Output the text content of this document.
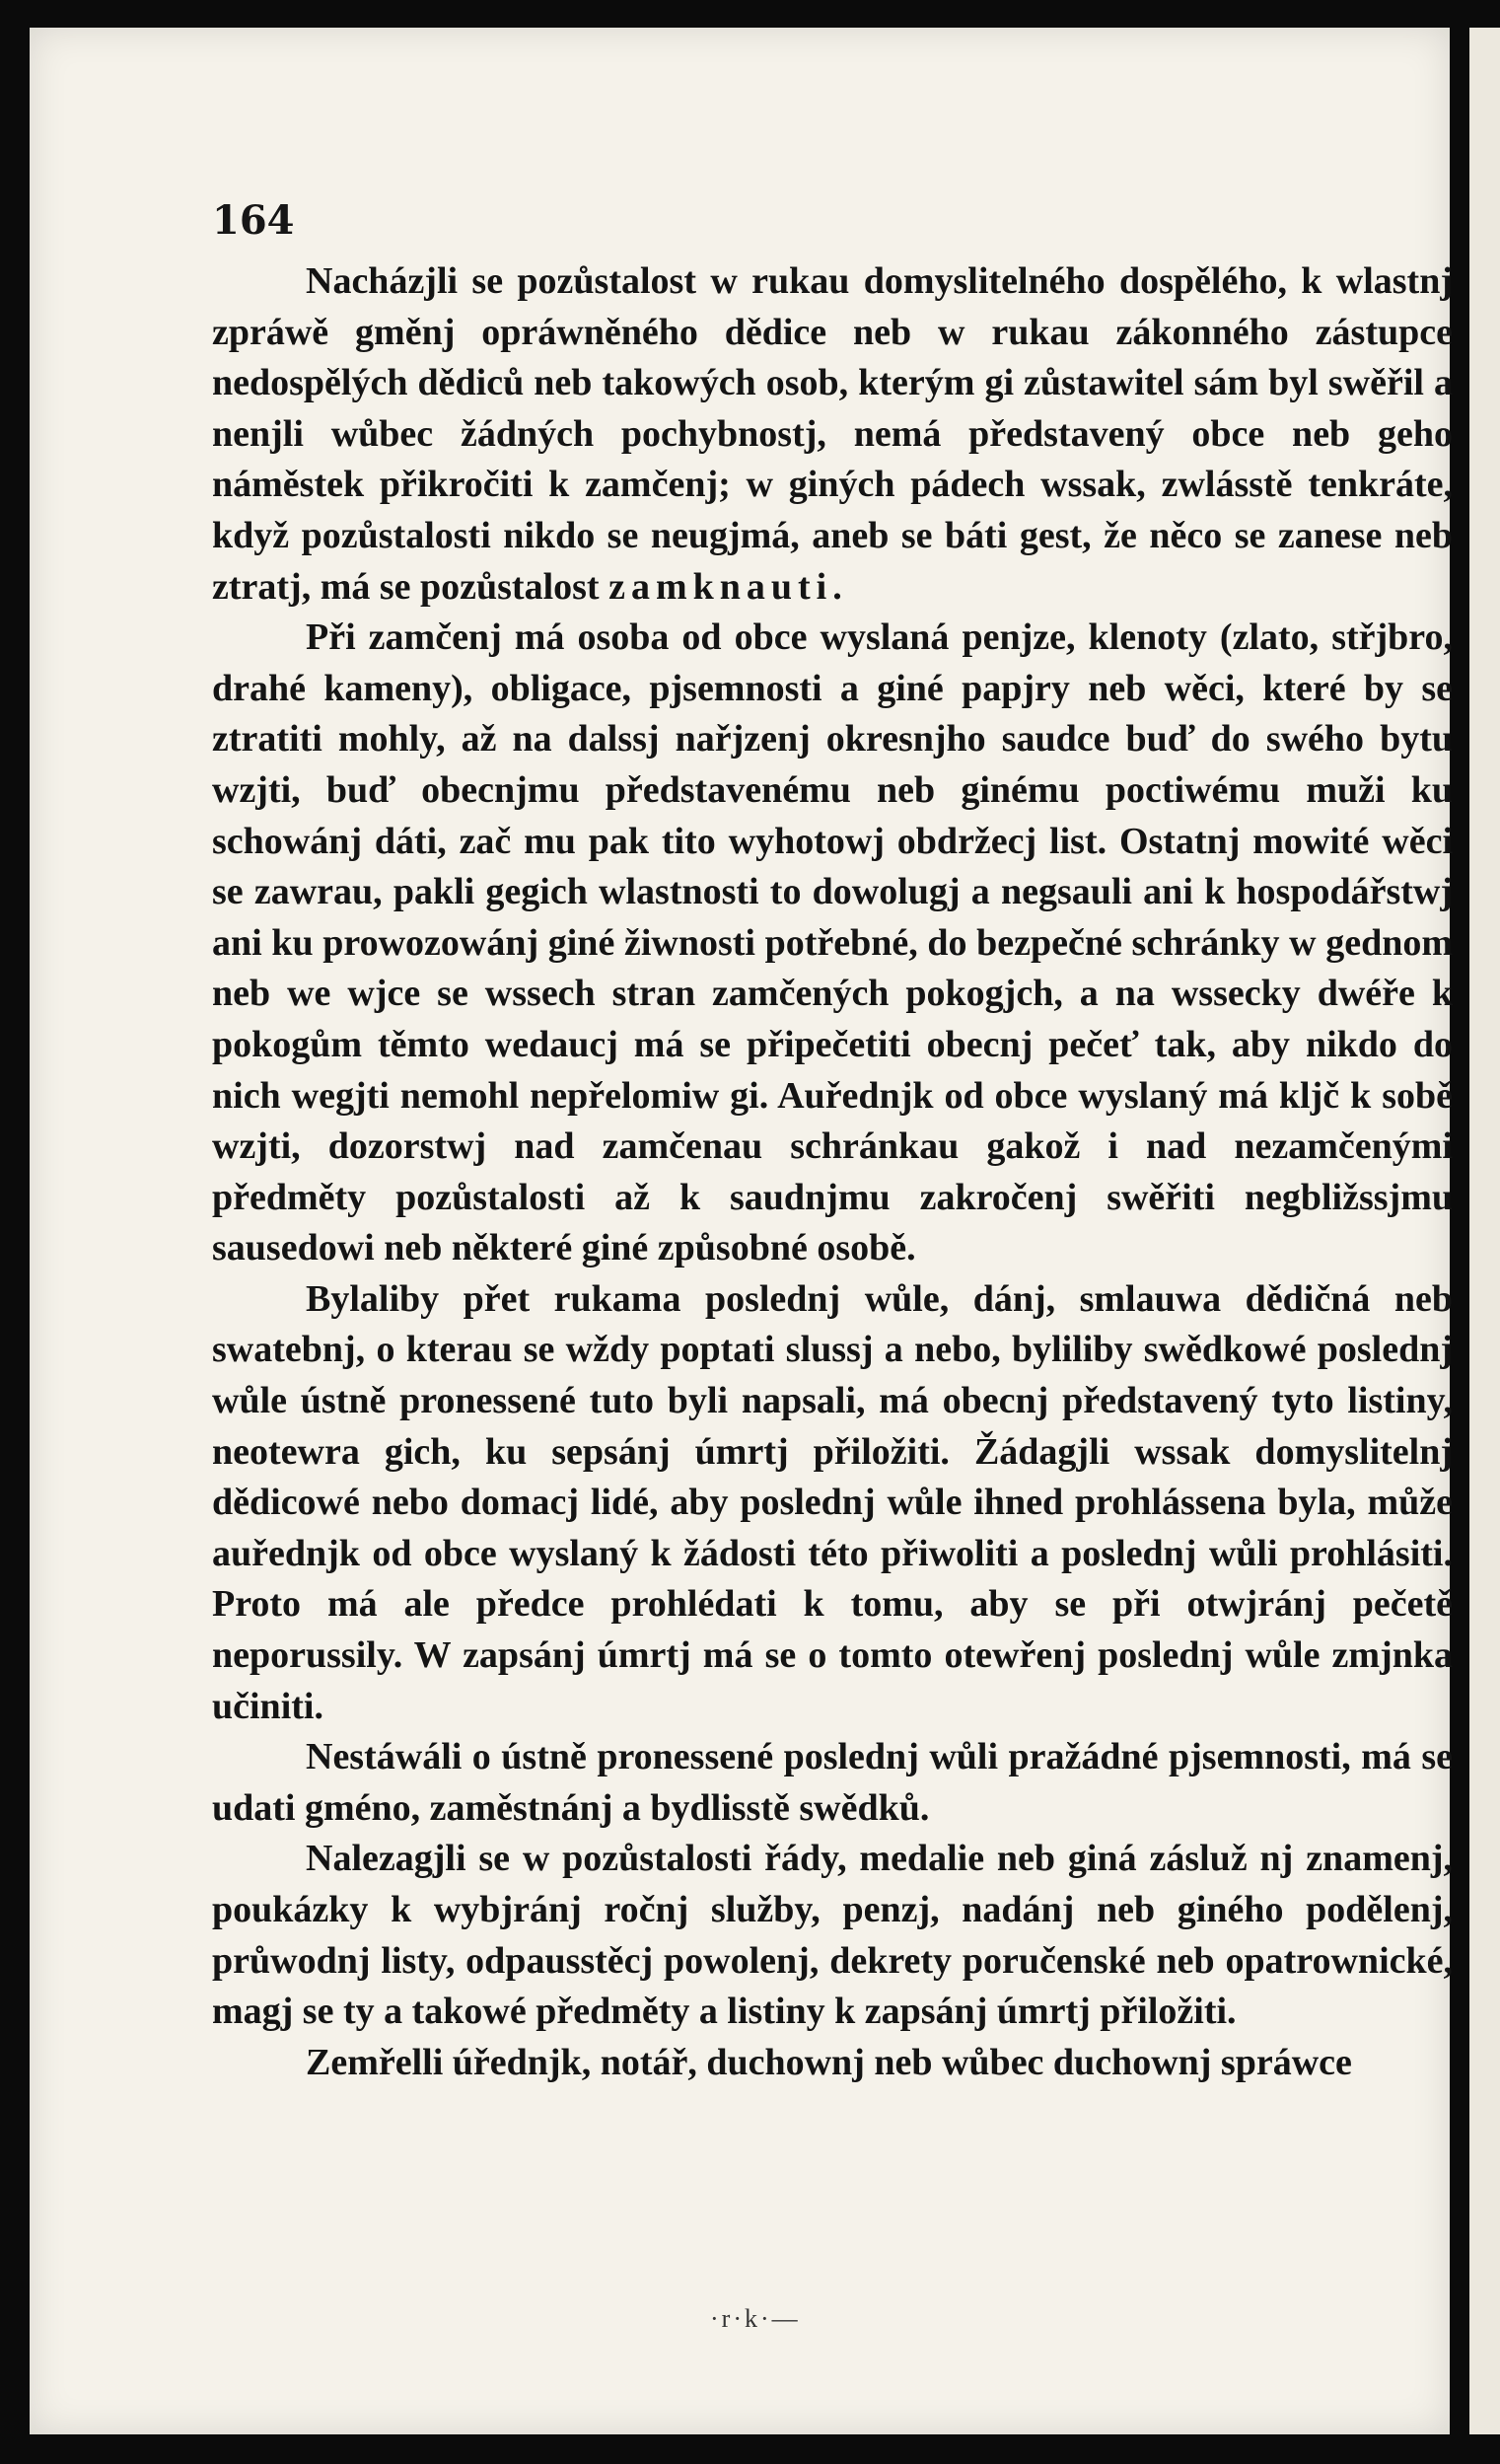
164

Nacházjli se pozůstalost w rukau domyslitelného dospělého, k wlastnj zpráwě gměnj opráwněného dědice neb w rukau zákonného zástupce nedospělých dědiců neb takowých osob, kterým gi zůstawitel sám byl swěřil a nenjli wůbec žádných pochybnostj, nemá představený obce neb geho náměstek přikročiti k zamčenj; w giných pádech wssak, zwlásstě tenkráte, když pozůstalosti nikdo se neugjmá, aneb se báti gest, že něco se zanese neb ztratj, má se pozůstalost zamknauti.

Při zamčenj má osoba od obce wyslaná penjze, klenoty (zlato, střjbro, drahé kameny), obligace, pjsemnosti a giné papjry neb wěci, které by se ztratiti mohly, až na dalssj nařjzenj okresnjho saudce buď do swého bytu wzjti, buď obecnjmu představenému neb ginému poctiwému muži ku schowánj dáti, zač mu pak tito wyhotowj obdržecj list. Ostatnj mowité wěci se zawrau, pakli gegich wlastnosti to dowolugj a negsauli ani k hospodářstwj ani ku prowozowánj giné žiwnosti potřebné, do bezpečné schránky w gednom neb we wjce se wssech stran zamčených pokogjch, a na wssecky dwéře k pokogům těmto wedaucj má se připečetiti obecnj pečeť tak, aby nikdo do nich wegjti nemohl nepřelomiw gi. Auřednjk od obce wyslaný má kljč k sobě wzjti, dozorstwj nad zamčenau schránkau gakož i nad nezamčenými předměty pozůstalosti až k saudnjmu zakročenj swěřiti negbližssjmu sausedowi neb některé giné způsobné osobě.

Bylaliby přet rukama poslednj wůle, dánj, smlauwa dědičná neb swatebnj, o kterau se wždy poptati slussj a nebo, byliliby swědkowé poslednj wůle ústně pronessené tuto byli napsali, má obecnj představený tyto listiny, neotewra gich, ku sepsánj úmrtj přiložiti. Žádagjli wssak domyslitelnj dědicowé nebo domacj lidé, aby poslednj wůle ihned prohlássena byla, může auřednjk od obce wyslaný k žádosti této přiwoliti a poslednj wůli prohlásiti. Proto má ale předce prohlédati k tomu, aby se při otwjránj pečetě neporussily. W zapsánj úmrtj má se o tomto otewřenj poslednj wůle zmjnka učiniti.

Nestáwáli o ústně pronessené poslednj wůli pražádné pjsemnosti, má se udati gméno, zaměstnánj a bydlisstě swědků.

Nalezagjli se w pozůstalosti řády, medalie neb giná zásluž nj znamenj, poukázky k wybjránj ročnj služby, penzj, nadánj neb giného podělenj, průwodnj listy, odpausstěcj powolenj, dekrety poručenské neb opatrownické, magj se ty a takowé předměty a listiny k zapsánj úmrtj přiložiti.

Zemřelli úřednjk, notář, duchownj neb wůbec duchownj spráwce

·r·k·—
